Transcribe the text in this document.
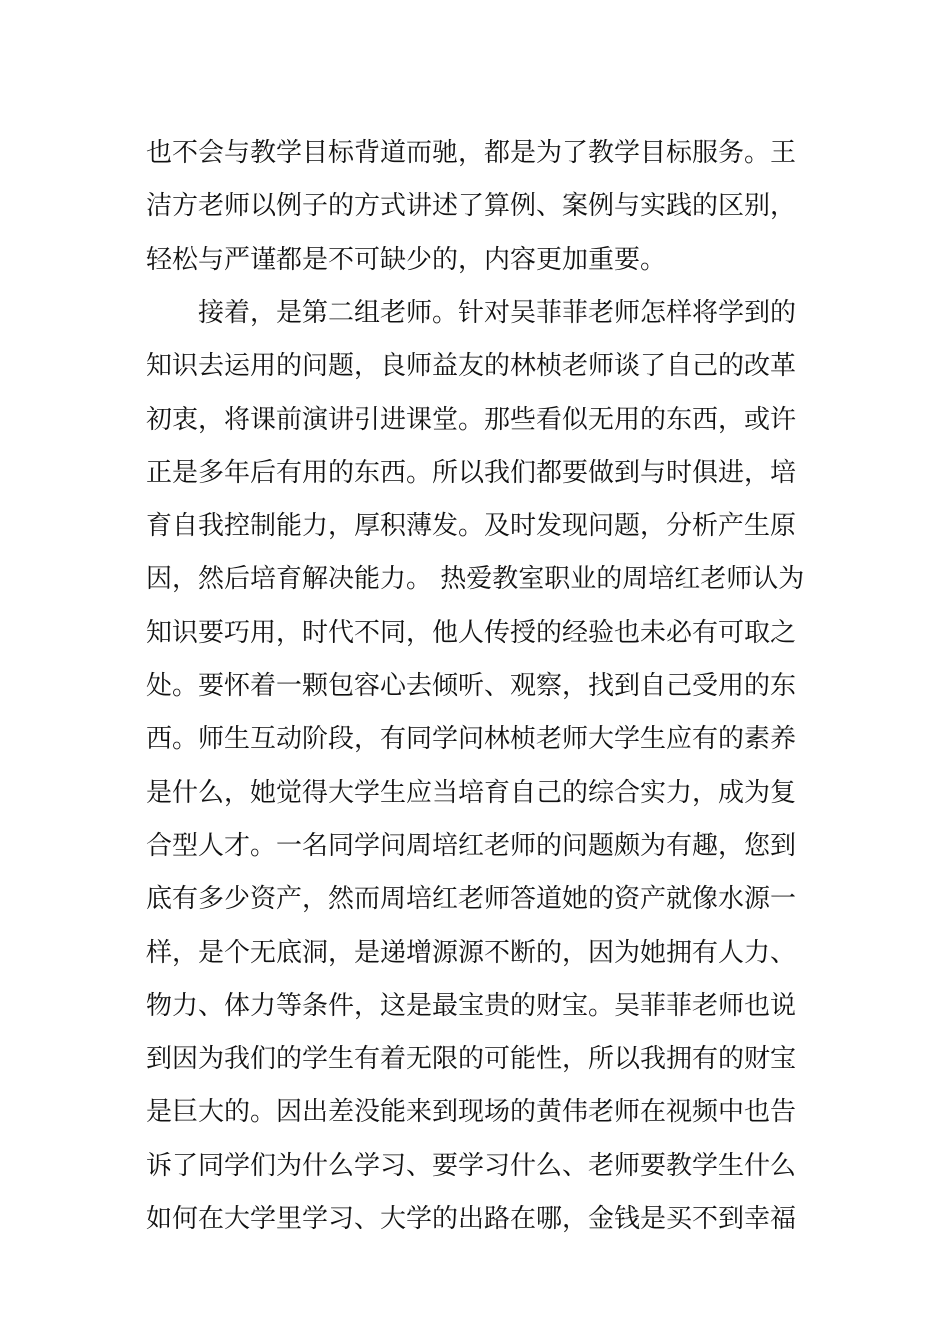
也不会与教学目标背道而驰，都是为了教学目标服务。王

洁方老师以例子的方式讲述了算例、案例与实践的区别，

轻松与严谨都是不可缺少的，内容更加重要。

　　接着，是第二组老师。针对吴菲菲老师怎样将学到的

知识去运用的问题，良师益友的林桢老师谈了自己的改革

初衷，将课前演讲引进课堂。那些看似无用的东西，或许

正是多年后有用的东西。所以我们都要做到与时俱进，培

育自我控制能力，厚积薄发。及时发现问题，分析产生原

因，然后培育解决能力。 热爱教室职业的周培红老师认为

知识要巧用，时代不同，他人传授的经验也未必有可取之

处。要怀着一颗包容心去倾听、观察，找到自己受用的东

西。师生互动阶段，有同学问林桢老师大学生应有的素养

是什么，她觉得大学生应当培育自己的综合实力，成为复

合型人才。一名同学问周培红老师的问题颇为有趣，您到

底有多少资产，然而周培红老师答道她的资产就像水源一

样，是个无底洞，是递增源源不断的，因为她拥有人力、

物力、体力等条件，这是最宝贵的财宝。吴菲菲老师也说

到因为我们的学生有着无限的可能性，所以我拥有的财宝

是巨大的。因出差没能来到现场的黄伟老师在视频中也告

诉了同学们为什么学习、要学习什么、老师要教学生什么

如何在大学里学习、大学的出路在哪，金钱是买不到幸福
